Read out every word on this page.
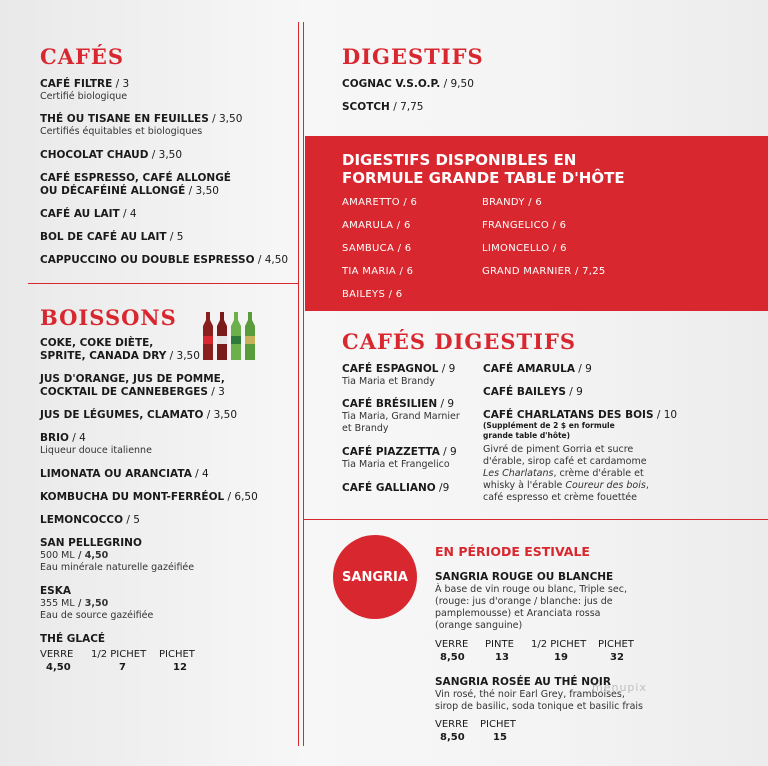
CAFÉS
CAFÉ FILTRE / 3
Certifié biologique
THÉ OU TISANE EN FEUILLES / 3,50
Certifiés équitables et biologiques
CHOCOLAT CHAUD / 3,50
CAFÉ ESPRESSO, CAFÉ ALLONGÉ
OU DÉCAFÉINÉ ALLONGÉ / 3,50
CAFÉ AU LAIT / 4
BOL DE CAFÉ AU LAIT / 5
CAPPUCCINO OU DOUBLE ESPRESSO / 4,50
BOISSONS
COKE, COKE DIÈTE,
SPRITE, CANADA DRY / 3,50
JUS D'ORANGE, JUS DE POMME,
COCKTAIL DE CANNEBERGES / 3
JUS DE LÉGUMES, CLAMATO / 3,50
BRIO / 4
Liqueur douce italienne
LIMONATA OU ARANCIATA / 4
KOMBUCHA DU MONT-FERRÉOL / 6,50
LEMONCOCCO / 5
SAN PELLEGRINO
500 ML / 4,50
Eau minérale naturelle gazéifiée
ESKA
355 ML / 3,50
Eau de source gazéifiée
THÉ GLACÉ
VERRE 1/2 PICHET PICHET
4,50	7	12
DIGESTIFS
COGNAC V.S.O.P. / 9,50
SCOTCH / 7,75
DIGESTIFS DISPONIBLES EN
FORMULE GRANDE TABLE D'HÔTE
AMARETTO / 6
AMARULA / 6
SAMBUCA / 6
TIA MARIA / 6
BAILEYS / 6
BRANDY / 6
FRANGELICO / 6
LIMONCELLO / 6
GRAND MARNIER / 7,25
CAFÉS DIGESTIFS
CAFÉ ESPAGNOL / 9
Tia Maria et Brandy
CAFÉ BRÉSILIEN / 9
Tia Maria, Grand Marnier
et Brandy
CAFÉ PIAZZETTA / 9
Tia Maria et Frangelico
CAFÉ GALLIANO /9
CAFÉ AMARULA / 9
CAFÉ BAILEYS / 9
CAFÉ CHARLATANS DES BOIS / 10
(Supplément de 2 $ en formule
grande table d'hôte)
Givré de piment Gorria et sucre
d'érable, sirop café et cardamome
Les Charlatans, crème d'érable et
whisky à l'érable Coureur des bois,
café espresso et crème fouettée
SANGRIA
EN PÉRIODE ESTIVALE
SANGRIA ROUGE OU BLANCHE
À base de vin rouge ou blanc, Triple sec,
(rouge: jus d'orange / blanche: jus de
pamplemousse) et Aranciata rossa
(orange sanguine)
VERRE PINTE 1/2 PICHET PICHET
8,50	13	19	32
SANGRIA ROSÉE AU THÉ NOIR
Vin rosé, thé noir Earl Grey, framboises,
sirop de basilic, soda tonique et basilic frais
VERRE PICHET
8,50	15
menupix
